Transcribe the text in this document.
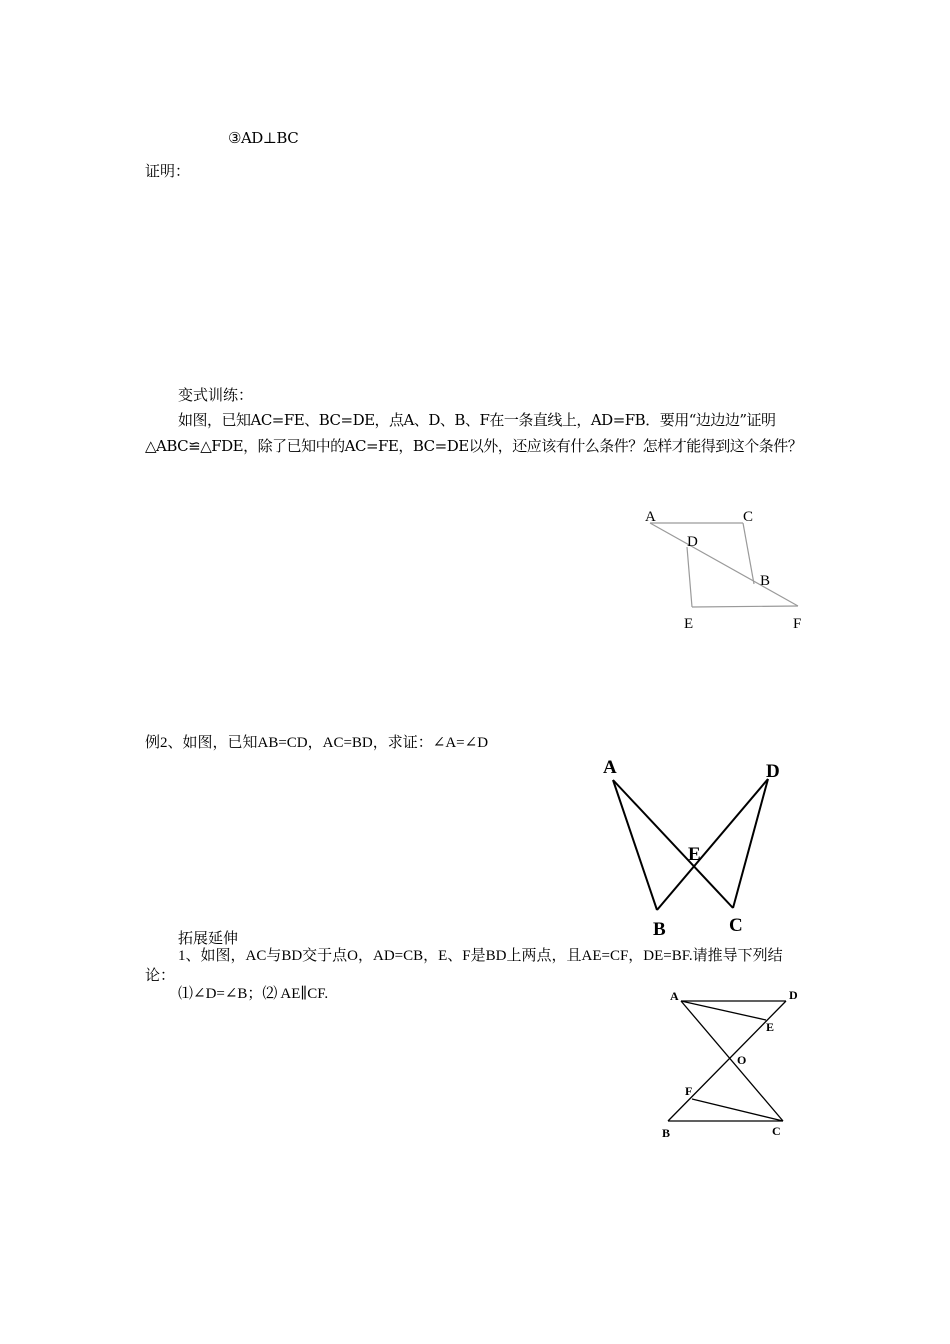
③AD⊥BC
证明：
变式训练：
如图，已知AC=FE、BC=DE，点A、D、B、F在一条直线上，AD=FB．要用“边边边”证明△ABC≌△FDE，除了已知中的AC=FE，BC=DE以外，还应该有什么条件？怎样才能得到这个条件？
A	C
D
B
E	F
例2、如图，已知AB=CD，AC=BD，求证：∠A=∠D
A	D
E
B	C
拓展延伸
1、如图，AC与BD交于点O，AD=CB，E、F是BD上两点，且AE=CF，DE=BF.请推导下列结论：
⑴∠D=∠B；⑵ AE∥CF.	A	D
E
O
F
B	C
